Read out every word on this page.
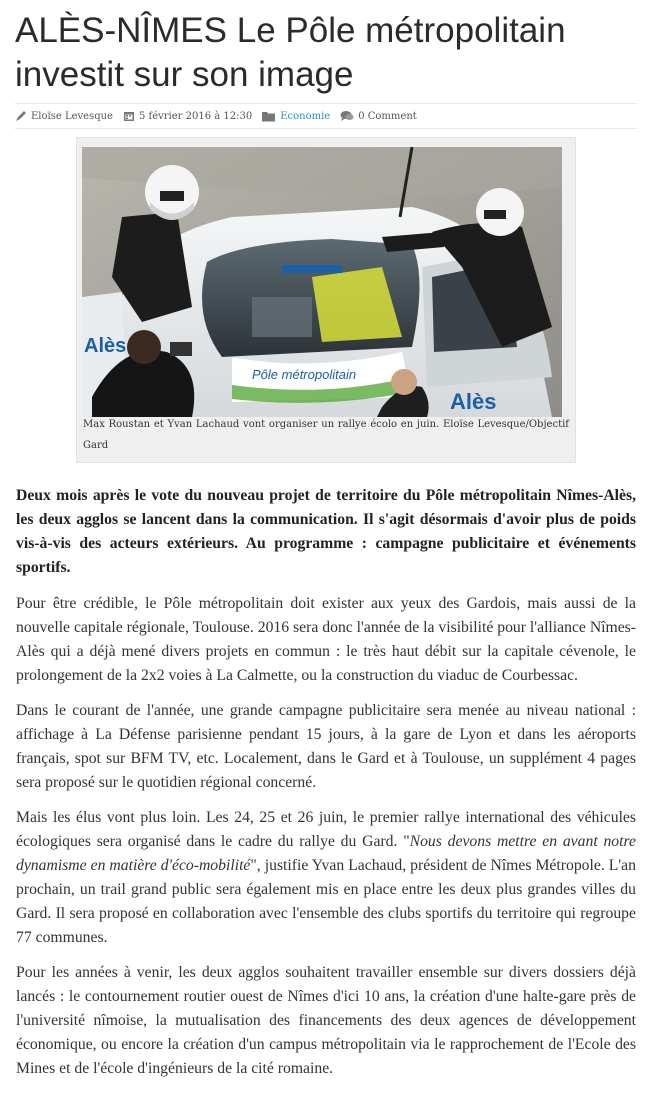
ALÈS-NÎMES Le Pôle métropolitain investit sur son image
Eloïse Levesque	5 février 2016 à 12:30	Economie	0 Comment
Pôle métropolitain
Alès
Alès
Max Roustan et Yvan Lachaud vont organiser un rallye écolo en juin. Eloïse Levesque/Objectif Gard

Deux mois après le vote du nouveau projet de territoire du Pôle métropolitain Nîmes-Alès, les deux agglos se lancent dans la communication. Il s'agit désormais d'avoir plus de poids vis-à-vis des acteurs extérieurs. Au programme : campagne publicitaire et événements sportifs.

Pour être crédible, le Pôle métropolitain doit exister aux yeux des Gardois, mais aussi de la nouvelle capitale régionale, Toulouse. 2016 sera donc l'année de la visibilité pour l'alliance Nîmes-Alès qui a déjà mené divers projets en commun : le très haut débit sur la capitale cévenole, le prolongement de la 2x2 voies à La Calmette, ou la construction du viaduc de Courbessac.

Dans le courant de l'année, une grande campagne publicitaire sera menée au niveau national : affichage à La Défense parisienne pendant 15 jours, à la gare de Lyon et dans les aéroports français, spot sur BFM TV, etc. Localement, dans le Gard et à Toulouse, un supplément 4 pages sera proposé sur le quotidien régional concerné.

Mais les élus vont plus loin. Les 24, 25 et 26 juin, le premier rallye international des véhicules écologiques sera organisé dans le cadre du rallye du Gard. "Nous devons mettre en avant notre dynamisme en matière d'éco-mobilité", justifie Yvan Lachaud, président de Nîmes Métropole. L'an prochain, un trail grand public sera également mis en place entre les deux plus grandes villes du Gard. Il sera proposé en collaboration avec l'ensemble des clubs sportifs du territoire qui regroupe 77 communes.

Pour les années à venir, les deux agglos souhaitent travailler ensemble sur divers dossiers déjà lancés : le contournement routier ouest de Nîmes d'ici 10 ans, la création d'une halte-gare près de l'université nîmoise, la mutualisation des financements des deux agences de développement économique, ou encore la création d'un campus métropolitain via le rapprochement de l'Ecole des Mines et de l'école d'ingénieurs de la cité romaine.
